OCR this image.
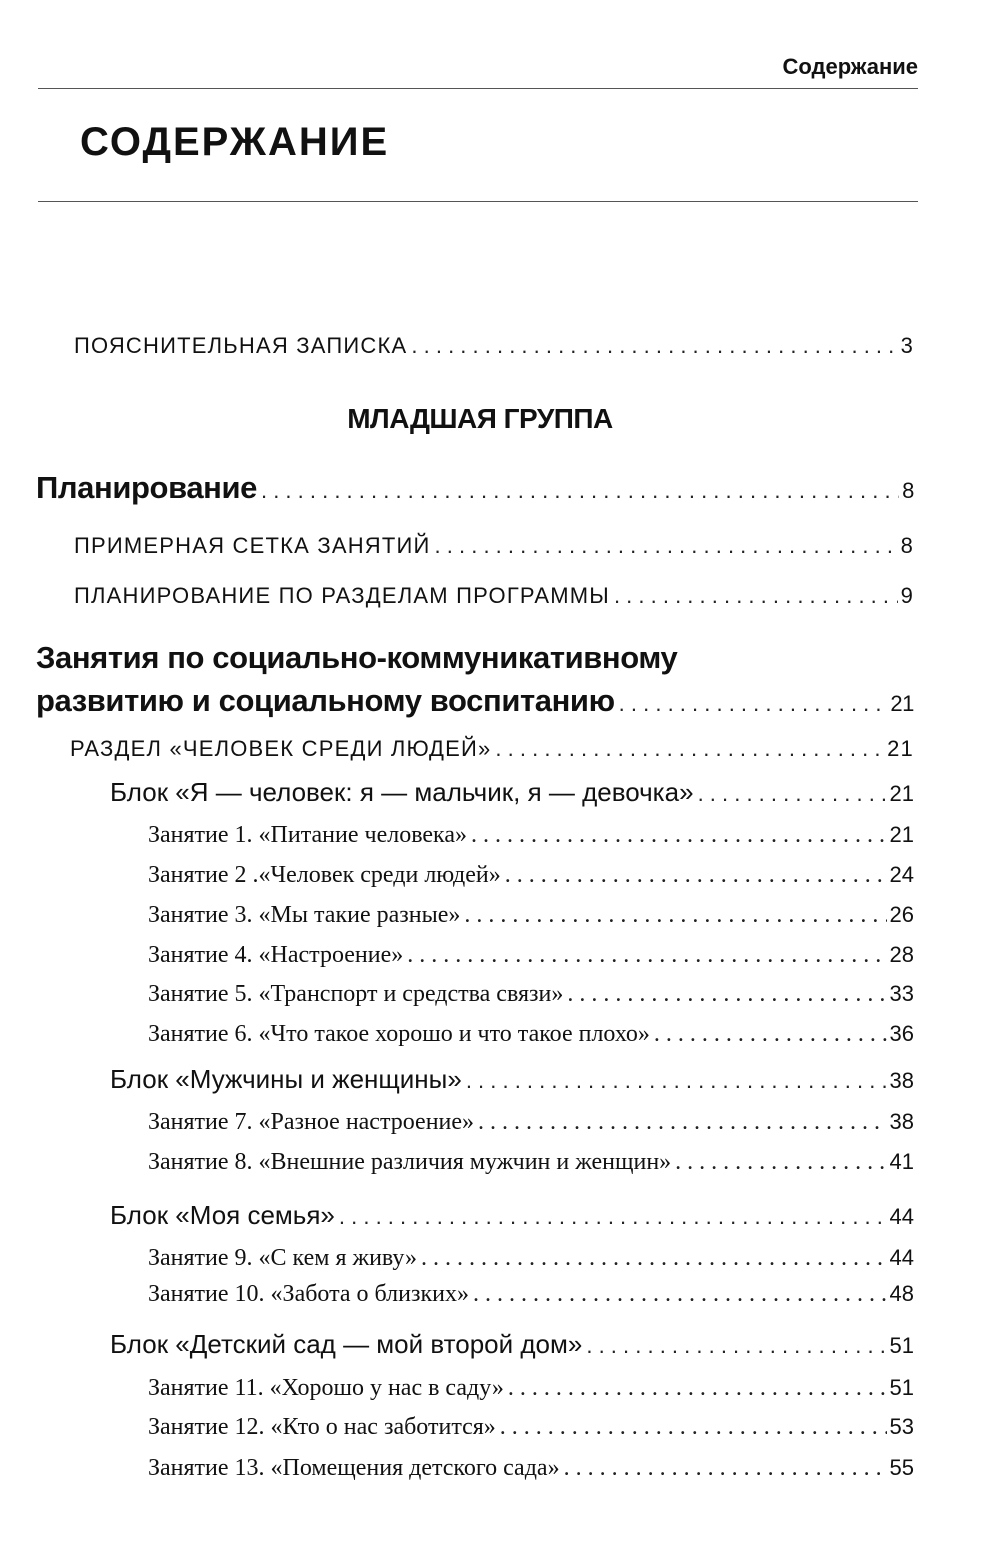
Содержание
СОДЕРЖАНИЕ
ПОЯСНИТЕЛЬНАЯ ЗАПИСКА . . .	3
МЛАДШАЯ ГРУППА
Планирование . . .	8
ПРИМЕРНАЯ СЕТКА ЗАНЯТИЙ . . .	8
ПЛАНИРОВАНИЕ ПО РАЗДЕЛАМ ПРОГРАММЫ . . .	9
Занятия по социально-коммуникативному
развитию и социальному воспитанию . . .	21
РАЗДЕЛ «ЧЕЛОВЕК СРЕДИ ЛЮДЕЙ» . . .	21
Блок «Я — человек: я — мальчик, я — девочка» . . .	21
Занятие 1. «Питание человека» . . .	21
Занятие 2 .«Человек среди людей» . . .	24
Занятие 3. «Мы такие разные» . . .	26
Занятие 4. «Настроение» . . .	28
Занятие 5. «Транспорт и средства связи» . . .	33
Занятие 6. «Что такое хорошо и что такое плохо» . . .	36
Блок «Мужчины и женщины» . . .	38
Занятие 7. «Разное настроение» . . .	38
Занятие 8. «Внешние различия мужчин и женщин» . . .	41
Блок «Моя семья» . . .	44
Занятие 9. «С кем я живу» . . .	44
Занятие 10. «Забота о близких» . . .	48
Блок «Детский сад — мой второй дом» . . .	51
Занятие 11. «Хорошо у нас в саду» . . .	51
Занятие 12. «Кто о нас заботится» . . .	53
Занятие 13. «Помещения детского сада» . . .	55
